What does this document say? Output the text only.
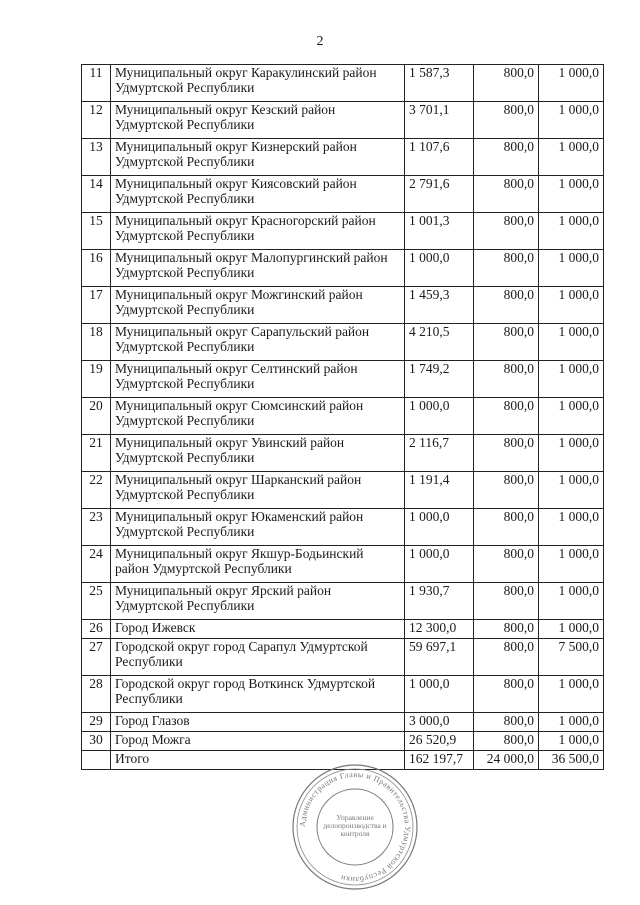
2
11	Муниципальный округ Каракулинский район Удмуртской Республики	1 587,3	800,0	1 000,0
12	Муниципальный округ Кезский район Удмуртской Республики	3 701,1	800,0	1 000,0
13	Муниципальный округ Кизнерский район Удмуртской Республики	1 107,6	800,0	1 000,0
14	Муниципальный округ Киясовский район Удмуртской Республики	2 791,6	800,0	1 000,0
15	Муниципальный округ Красногорский район Удмуртской Республики	1 001,3	800,0	1 000,0
16	Муниципальный округ Малопургинский район Удмуртской Республики	1 000,0	800,0	1 000,0
17	Муниципальный округ Можгинский район Удмуртской Республики	1 459,3	800,0	1 000,0
18	Муниципальный округ Сарапульский район Удмуртской Республики	4 210,5	800,0	1 000,0
19	Муниципальный округ Селтинский район Удмуртской Республики	1 749,2	800,0	1 000,0
20	Муниципальный округ Сюмсинский район Удмуртской Республики	1 000,0	800,0	1 000,0
21	Муниципальный округ Увинский район Удмуртской Республики	2 116,7	800,0	1 000,0
22	Муниципальный округ Шарканский район Удмуртской Республики	1 191,4	800,0	1 000,0
23	Муниципальный округ Юкаменский район Удмуртской Республики	1 000,0	800,0	1 000,0
24	Муниципальный округ Якшур-Бодьинский район Удмуртской Республики	1 000,0	800,0	1 000,0
25	Муниципальный округ Ярский район Удмуртской Республики	1 930,7	800,0	1 000,0
26	Город Ижевск	12 300,0	800,0	1 000,0
27	Городской округ город Сарапул Удмуртской Республики	59 697,1	800,0	7 500,0
28	Городской округ город Воткинск Удмуртской Республики	1 000,0	800,0	1 000,0
29	Город Глазов	3 000,0	800,0	1 000,0
30	Город Можга	26 520,9	800,0	1 000,0
	Итого	162 197,7	24 000,0	36 500,0
Администрация Главы и Правительства Удмуртской Республики
Управление делопроизводства и контроля
